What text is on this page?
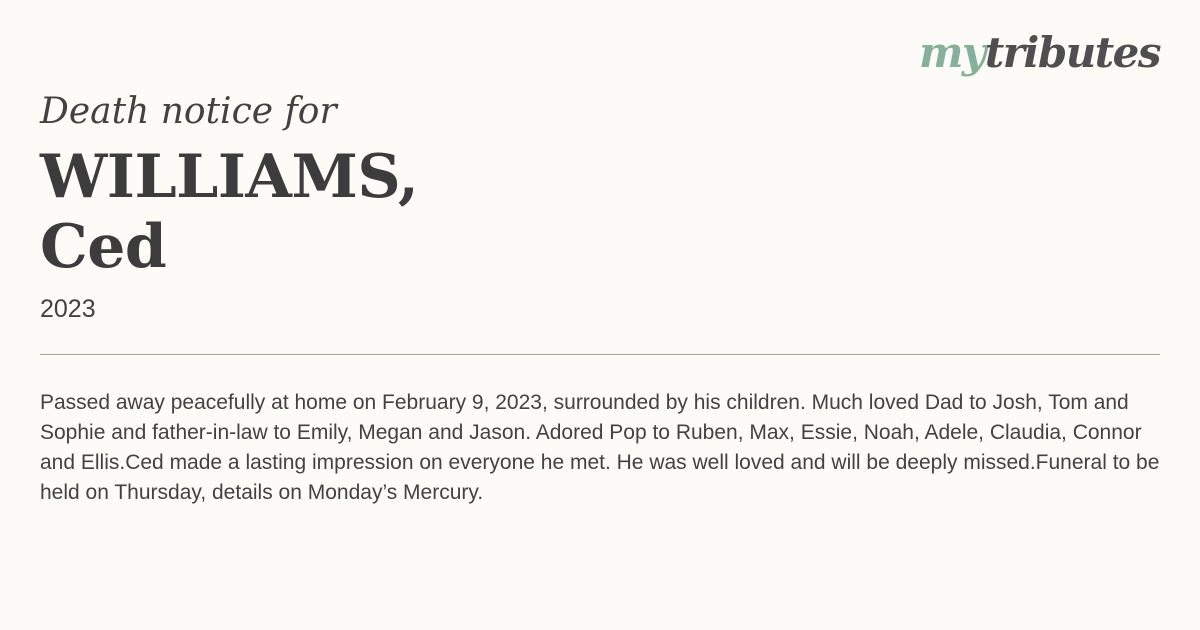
mytributes

Death notice for

WILLIAMS,
Ced
2023

Passed away peacefully at home on February 9, 2023, surrounded by his children. Much loved Dad to Josh, Tom and Sophie and father-in-law to Emily, Megan and Jason. Adored Pop to Ruben, Max, Essie, Noah, Adele, Claudia, Connor and Ellis.Ced made a lasting impression on everyone he met. He was well loved and will be deeply missed.Funeral to be held on Thursday, details on Monday’s Mercury.
